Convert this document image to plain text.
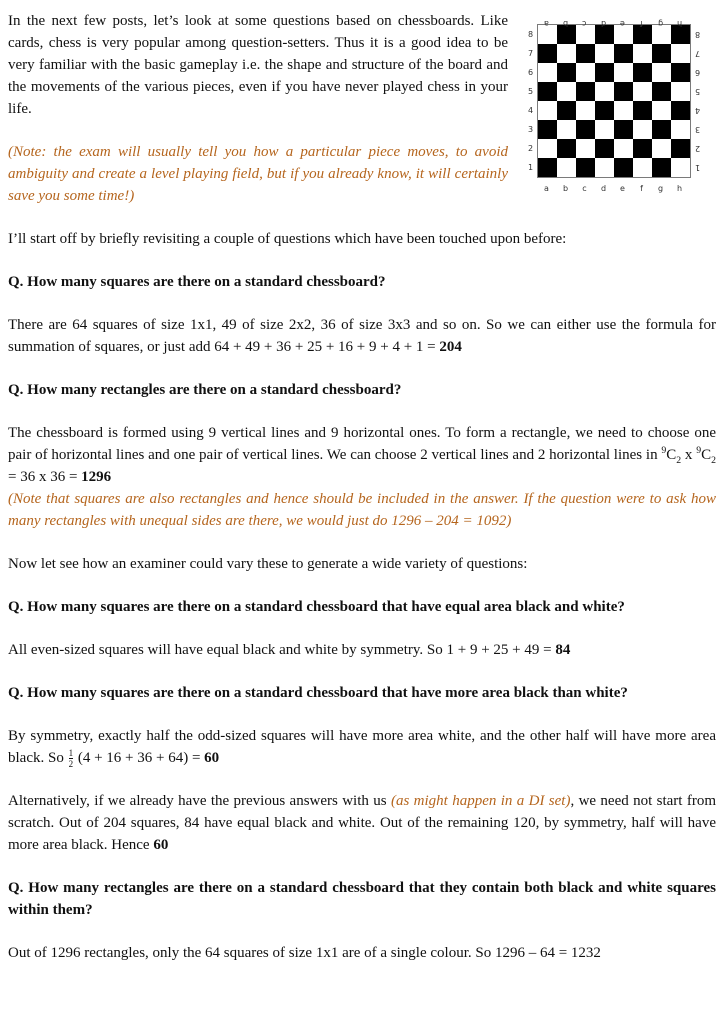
a b c d e f g h
8
7
6
5
4
3
2
1
8
7
6
5
4
3
2
1
a b c d e f g h

In the next few posts, let’s look at some questions based on chessboards. Like cards, chess is very popular among question-setters. Thus it is a good idea to be very familiar with the basic gameplay i.e. the shape and structure of the board and the movements of the various pieces, even if you have never played chess in your life.

(Note: the exam will usually tell you how a particular piece moves, to avoid ambiguity and create a level playing field, but if you already know, it will certainly save you some time!)

I’ll start off by briefly revisiting a couple of questions which have been touched upon before:

Q. How many squares are there on a standard chessboard?

There are 64 squares of size 1x1, 49 of size 2x2, 36 of size 3x3 and so on. So we can either use the formula for summation of squares, or just add 64 + 49 + 36 + 25 + 16 + 9 + 4 + 1 = 204

Q. How many rectangles are there on a standard chessboard?

The chessboard is formed using 9 vertical lines and 9 horizontal ones. To form a rectangle, we need to choose one pair of horizontal lines and one pair of vertical lines. We can choose 2 vertical lines and 2 horizontal lines in $^9C_2$ x $^9C_2 = 36$ x 36 = 1296

(Note that squares are also rectangles and hence should be included in the answer. If the question were to ask how many rectangles with unequal sides are there, we would just do 1296 – 204 = 1092)

Now let see how an examiner could vary these to generate a wide variety of questions:

Q. How many squares are there on a standard chessboard that have equal area black and white?

All even-sized squares will have equal black and white by symmetry. So 1 + 9 + 25 + 49 = 84

Q. How many squares are there on a standard chessboard that have more area black than white?

By symmetry, exactly half the odd-sized squares will have more area white, and the other half will have more area black. So $\frac{1}{2} (4 + 16 + 36 + 64) = 60$

Alternatively, if we already have the previous answers with us (as might happen in a DI set), we need not start from scratch. Out of 204 squares, 84 have equal black and white. Out of the remaining 120, by symmetry, half will have more area black. Hence 60

Q. How many rectangles are there on a standard chessboard that they contain both black and white squares within them?

Out of 1296 rectangles, only the 64 squares of size 1x1 are of a single colour. So 1296 – 64 = 1232
